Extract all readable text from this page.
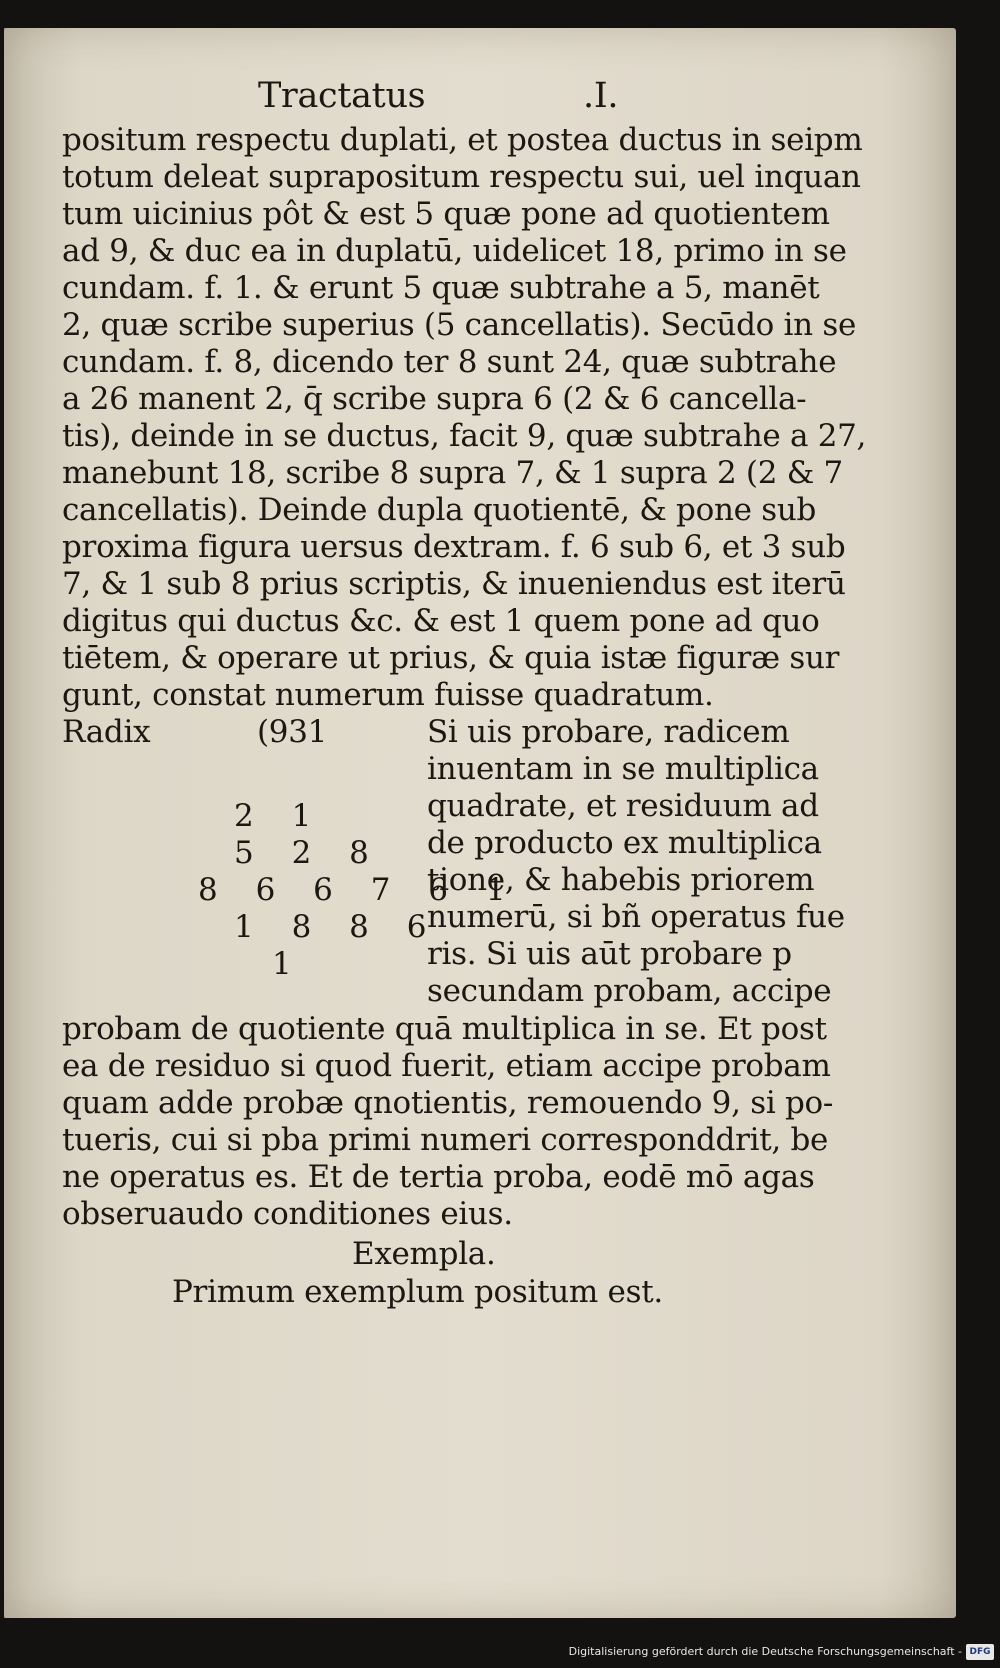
Tractatus	.I.
positum respectu duplati, et postea ductus in seipm
totum deleat suprapositum respectu sui, uel inquan
tum uicinius pôt & est 5 quæ pone ad quotientem
ad 9, & duc ea in duplatū, uidelicet 18, primo in se
cundam. f. 1. & erunt 5 quæ subtrahe a 5, manēt
2, quæ scribe superius (5 cancellatis). Secūdo in se
cundam. f. 8, dicendo ter 8 sunt 24, quæ subtrahe
a 26 manent 2, q̄ scribe supra 6 (2 & 6 cancella-
tis), deinde in se ductus, facit 9, quæ subtrahe a 27,
manebunt 18, scribe 8 supra 7, & 1 supra 2 (2 & 7
cancellatis). Deinde dupla quotientē, & pone sub
proxima figura uersus dextram. f. 6 sub 6, et 3 sub
7, & 1 sub 8 prius scriptis, & inueniendus est iterū
digitus qui ductus &c. & est 1 quem pone ad quo
tiētem, & operare ut prius, & quia istæ figuræ sur
gunt, constat numerum fuisse quadratum.
Radix	(931
2 1
5 2 8
8 6 6 7 6 1
1 8 8 6
1
Si uis probare, radicem
inuentam in se multiplica
quadrate, et residuum ad
de producto ex multiplica
tione, & habebis priorem
numerū, si bñ operatus fue
ris. Si uis aūt probare p
secundam probam, accipe
probam de quotiente quā multiplica in se. Et post
ea de residuo si quod fuerit, etiam accipe probam
quam adde probæ qnotientis, remouendo 9, si po-
tueris, cui si pba primi numeri corresponddrit, be
ne operatus es. Et de tertia proba, eodē mō agas
obseruaudo conditiones eius.
Exempla.
Primum exemplum positum est.
Digitalisierung gefördert durch die Deutsche Forschungsgemeinschaft - DFG
